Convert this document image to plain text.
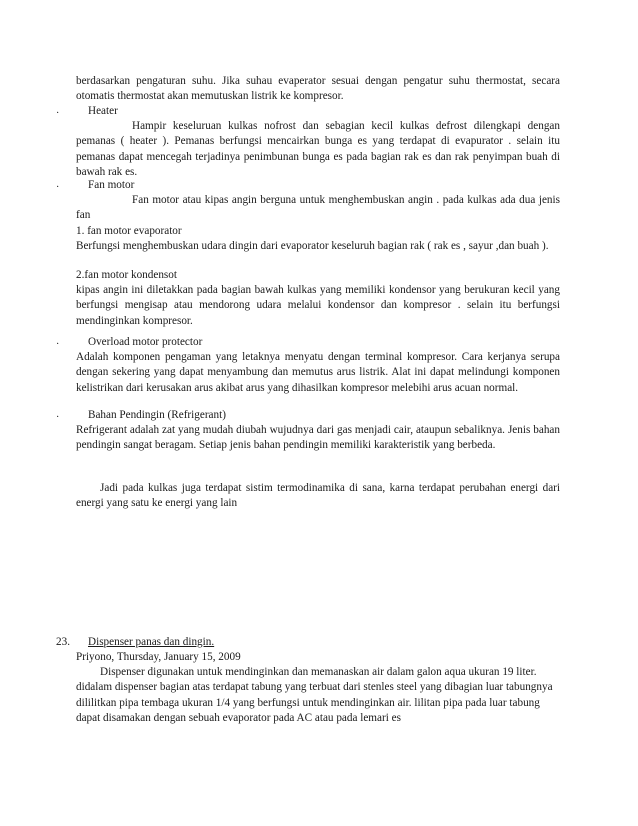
berdasarkan pengaturan suhu. Jika suhau evaperator sesuai dengan pengatur suhu thermostat, secara otomatis thermostat akan memutuskan listrik ke kompresor.

·	Heater

Hampir keseluruan kulkas nofrost dan sebagian kecil kulkas defrost dilengkapi dengan pemanas ( heater ). Pemanas berfungsi mencairkan bunga es yang terdapat di evapurator . selain itu pemanas dapat mencegah terjadinya penimbunan bunga es pada bagian rak es dan rak penyimpan buah di bawah rak es.

·	Fan motor

Fan motor atau kipas angin berguna untuk menghembuskan angin . pada kulkas ada dua jenis fan

1. fan motor evaporator

Berfungsi menghembuskan udara dingin dari evaporator keseluruh bagian rak ( rak es , sayur ,dan buah ).

2.fan motor kondensot

kipas angin ini diletakkan pada bagian bawah kulkas yang memiliki kondensor yang berukuran kecil yang berfungsi mengisap atau mendorong udara melalui kondensor dan kompresor . selain itu berfungsi mendinginkan kompresor.

·	Overload motor protector

Adalah komponen pengaman yang letaknya menyatu dengan terminal kompresor. Cara kerjanya serupa dengan sekering yang dapat menyambung dan memutus arus listrik. Alat ini dapat melindungi komponen kelistrikan dari kerusakan arus akibat arus yang dihasilkan kompresor melebihi arus acuan normal.

·	Bahan Pendingin (Refrigerant)

Refrigerant adalah zat yang mudah diubah wujudnya dari gas menjadi cair, ataupun sebaliknya. Jenis bahan pendingin sangat beragam. Setiap jenis bahan pendingin memiliki karakteristik yang berbeda.

Jadi pada kulkas juga terdapat sistim termodinamika di sana, karna terdapat perubahan energi dari energi yang satu ke energi yang lain

23. Dispenser panas dan dingin.

Priyono, Thursday, January 15, 2009

Dispenser digunakan untuk mendinginkan dan memanaskan air dalam galon aqua ukuran 19 liter. didalam dispenser bagian atas terdapat tabung yang terbuat dari stenles steel yang dibagian luar tabungnya dililitkan pipa tembaga ukuran 1/4 yang berfungsi untuk mendinginkan air. lilitan pipa pada luar tabung dapat disamakan dengan sebuah evaporator pada AC atau pada lemari es
